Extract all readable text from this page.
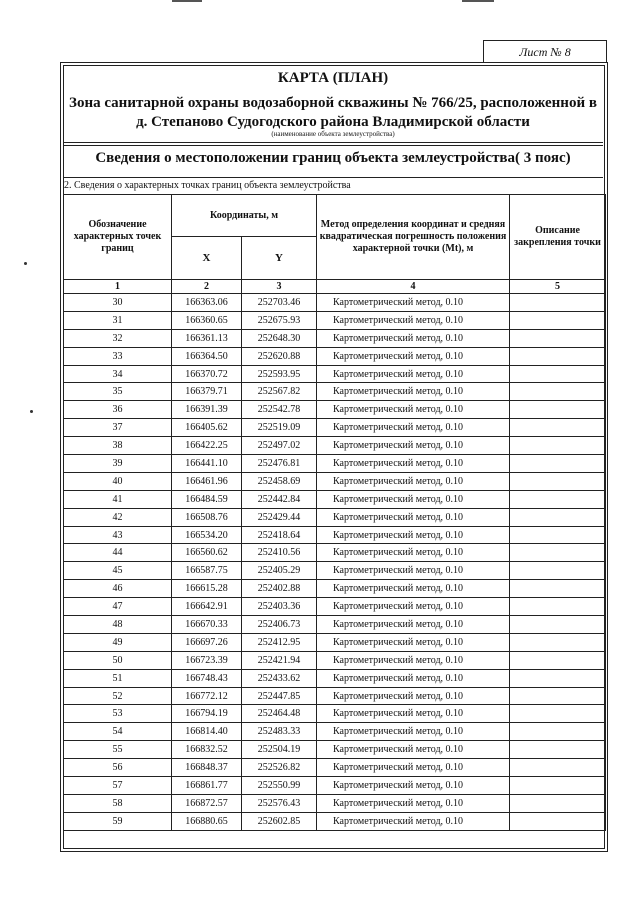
Лист № 8
КАРТА (ПЛАН)
Зона санитарной охраны водозаборной скважины № 766/25, расположенной в д. Степаново Судогодского района Владимирской области
(наименование объекта землеустройства)
Сведения о местоположении границ объекта землеустройства( 3 пояс)
2. Сведения о характерных точках границ объекта землеустройства
Обозначение характерных точек границ	Координаты, м		Метод определения координат и средняя квадратическая погрешность положения характерной точки (Mt), м	Описание закрепления точки
	X	Y		
1	2	3	4	5
30	166363.06	252703.46	Картометрический метод, 0.10	
31	166360.65	252675.93	Картометрический метод, 0.10	
32	166361.13	252648.30	Картометрический метод, 0.10	
33	166364.50	252620.88	Картометрический метод, 0.10	
34	166370.72	252593.95	Картометрический метод, 0.10	
35	166379.71	252567.82	Картометрический метод, 0.10	
36	166391.39	252542.78	Картометрический метод, 0.10	
37	166405.62	252519.09	Картометрический метод, 0.10	
38	166422.25	252497.02	Картометрический метод, 0.10	
39	166441.10	252476.81	Картометрический метод, 0.10	
40	166461.96	252458.69	Картометрический метод, 0.10	
41	166484.59	252442.84	Картометрический метод, 0.10	
42	166508.76	252429.44	Картометрический метод, 0.10	
43	166534.20	252418.64	Картометрический метод, 0.10	
44	166560.62	252410.56	Картометрический метод, 0.10	
45	166587.75	252405.29	Картометрический метод, 0.10	
46	166615.28	252402.88	Картометрический метод, 0.10	
47	166642.91	252403.36	Картометрический метод, 0.10	
48	166670.33	252406.73	Картометрический метод, 0.10	
49	166697.26	252412.95	Картометрический метод, 0.10	
50	166723.39	252421.94	Картометрический метод, 0.10	
51	166748.43	252433.62	Картометрический метод, 0.10	
52	166772.12	252447.85	Картометрический метод, 0.10	
53	166794.19	252464.48	Картометрический метод, 0.10	
54	166814.40	252483.33	Картометрический метод, 0.10	
55	166832.52	252504.19	Картометрический метод, 0.10	
56	166848.37	252526.82	Картометрический метод, 0.10	
57	166861.77	252550.99	Картометрический метод, 0.10	
58	166872.57	252576.43	Картометрический метод, 0.10	
59	166880.65	252602.85	Картометрический метод, 0.10	
